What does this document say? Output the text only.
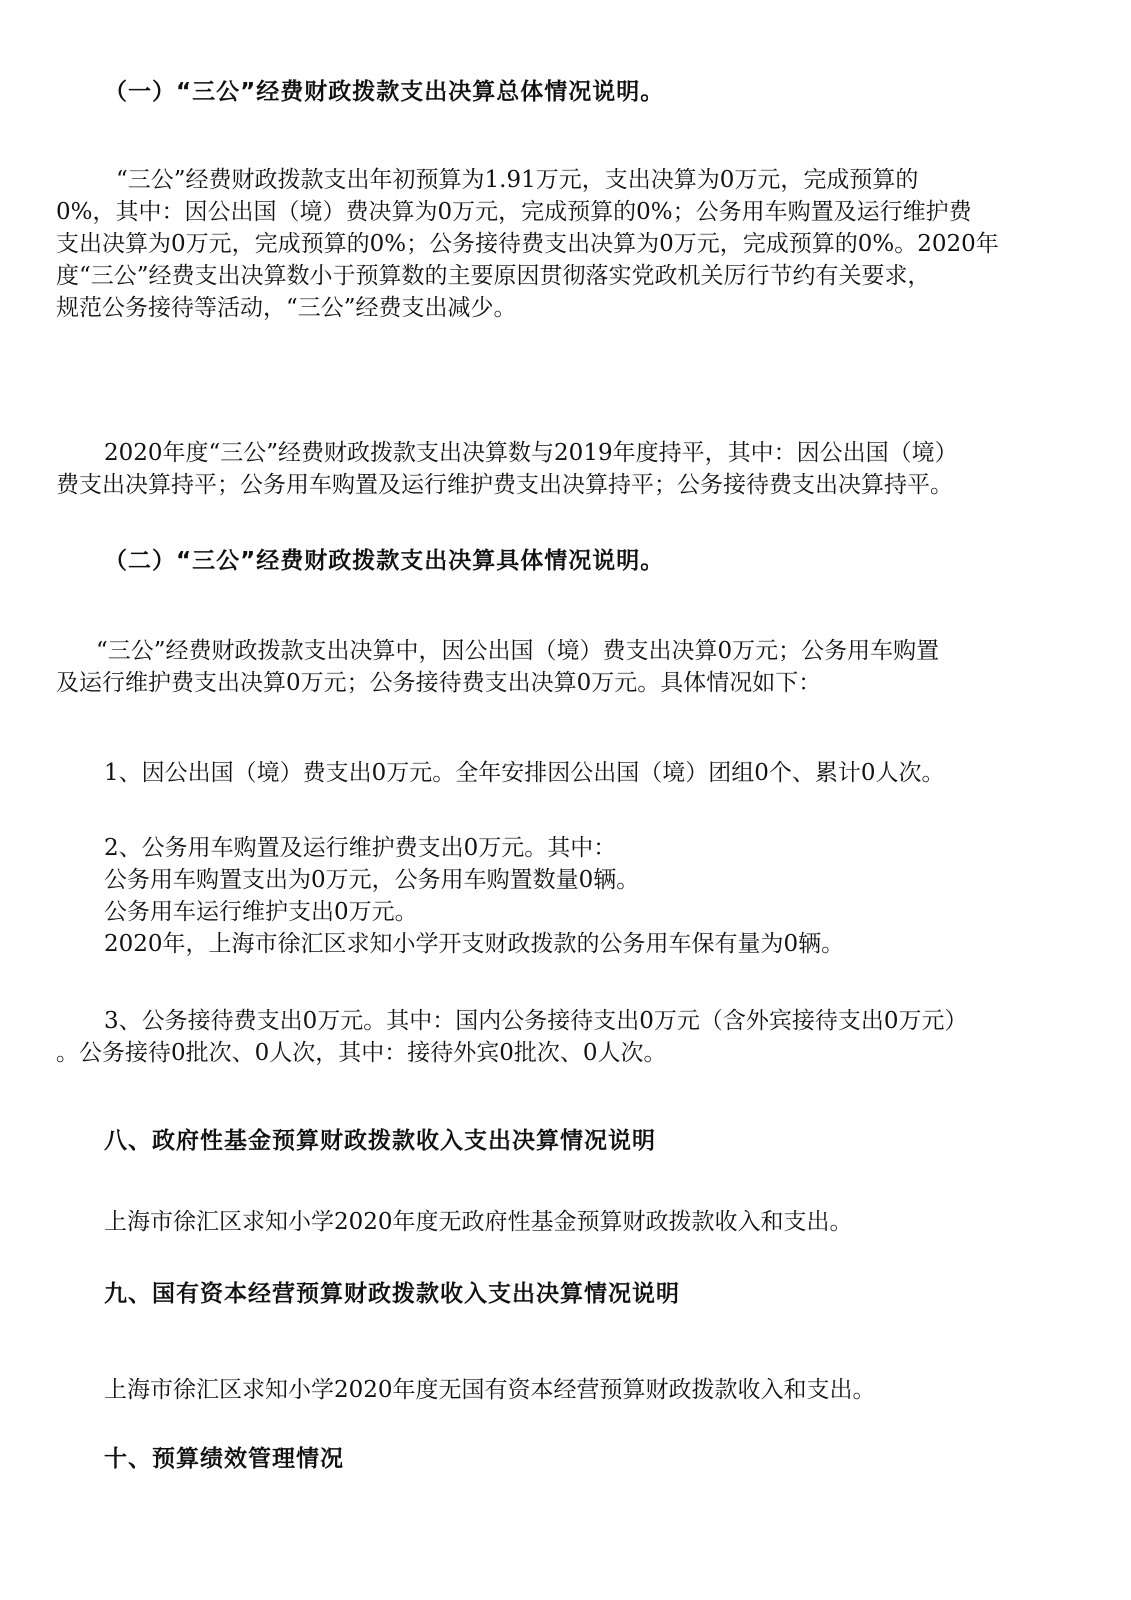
（一）“三公”经费财政拨款支出决算总体情况说明。
“三公”经费财政拨款支出年初预算为1.91万元，支出决算为0万元，完成预算的
0%，其中：因公出国（境）费决算为0万元，完成预算的0%；公务用车购置及运行维护费
支出决算为0万元，完成预算的0%；公务接待费支出决算为0万元，完成预算的0%。2020年
度“三公”经费支出决算数小于预算数的主要原因贯彻落实党政机关厉行节约有关要求，
规范公务接待等活动，“三公”经费支出减少。
2020年度“三公”经费财政拨款支出决算数与2019年度持平，其中：因公出国（境）
费支出决算持平；公务用车购置及运行维护费支出决算持平；公务接待费支出决算持平。
（二）“三公”经费财政拨款支出决算具体情况说明。
“三公”经费财政拨款支出决算中，因公出国（境）费支出决算0万元；公务用车购置
及运行维护费支出决算0万元；公务接待费支出决算0万元。具体情况如下：
1、因公出国（境）费支出0万元。全年安排因公出国（境）团组0个、累计0人次。
2、公务用车购置及运行维护费支出0万元。其中：
公务用车购置支出为0万元，公务用车购置数量0辆。
公务用车运行维护支出0万元。
2020年，上海市徐汇区求知小学开支财政拨款的公务用车保有量为0辆。
3、公务接待费支出0万元。其中：国内公务接待支出0万元（含外宾接待支出0万元）
。公务接待0批次、0人次，其中：接待外宾0批次、0人次。
八、政府性基金预算财政拨款收入支出决算情况说明
上海市徐汇区求知小学2020年度无政府性基金预算财政拨款收入和支出。
九、国有资本经营预算财政拨款收入支出决算情况说明
上海市徐汇区求知小学2020年度无国有资本经营预算财政拨款收入和支出。
十、预算绩效管理情况
